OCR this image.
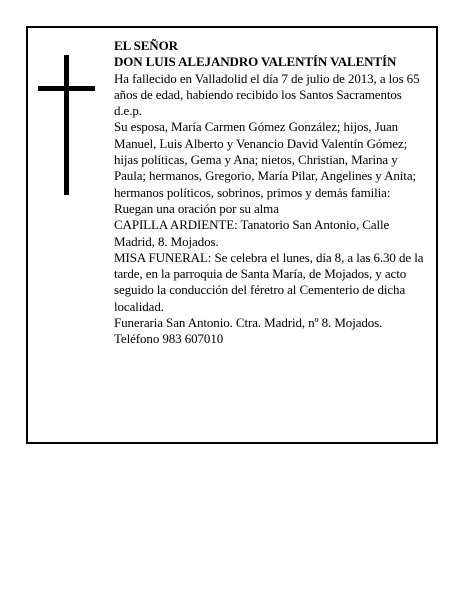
EL SEÑOR

DON LUIS ALEJANDRO VALENTÍN VALENTÍN

Ha fallecido en Valladolid el día 7 de julio de 2013, a los 65 años de edad, habiendo recibido los Santos Sacramentos

d.e.p.

Su esposa, María Carmen Gómez González; hijos, Juan Manuel, Luis Alberto y Venancio David Valentín Gómez; hijas políticas, Gema y Ana; nietos, Christian, Marina y Paula; hermanos, Gregorio, María Pilar, Angelines y Anita; hermanos políticos, sobrinos, primos y demás familia:

Ruegan una oración por su alma

CAPILLA ARDIENTE: Tanatorio San Antonio, Calle Madrid, 8. Mojados.

MISA FUNERAL: Se celebra el lunes, día 8, a las 6.30 de la tarde, en la parroquia de Santa María, de Mojados, y acto seguido la conducción del féretro al Cementerio de dicha localidad.

Funeraria San Antonio. Ctra. Madrid, nº 8. Mojados.

Teléfono 983 607010
